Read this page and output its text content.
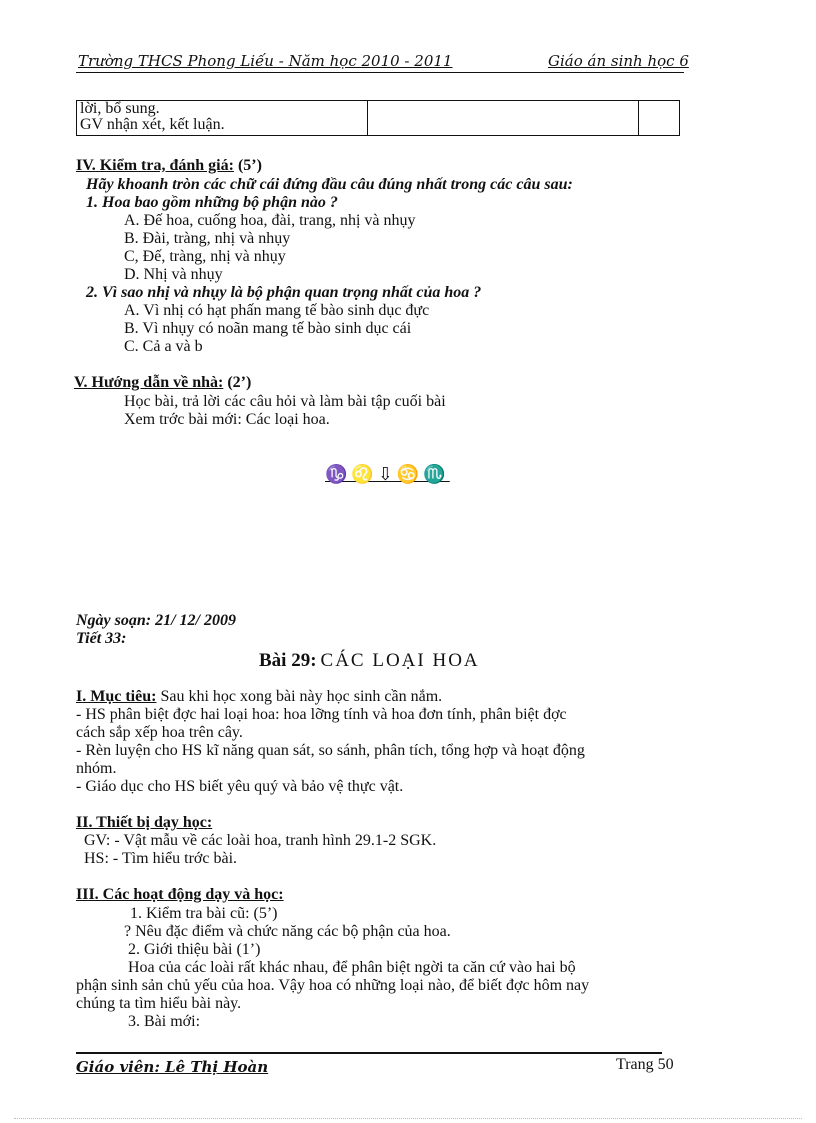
Trường THCS Phong Liếu - Năm học 2010 - 2011	Giáo án sinh học 6
lời, bổ sung.
GV nhận xét, kết luận.

IV. Kiểm tra, đánh giá: (5’)
Hãy khoanh tròn các chữ cái đứng đầu câu đúng nhất trong các câu sau:
1. Hoa bao gồm những bộ phận nào ?
A. Đế hoa, cuống hoa, đài, trang, nhị và nhụy
B. Đài, tràng, nhị và nhụy
C, Đế, tràng, nhị và nhụy
D. Nhị và nhụy
2. Vì sao nhị và nhụy là bộ phận quan trọng nhất của hoa ?
A. Vì nhị có hạt phấn mang tế bào sinh dục đực
B. Vì nhụy có noãn mang tế bào sinh dục cái
C. Cả a và b
V. Hướng dẫn về nhà: (2’)
Học bài, trả lời các câu hỏi và làm bài tập cuối bài
Xem trớc bài mới: Các loại hoa.
♑♌⇩♋♏
Ngày soạn: 21/ 12/ 2009
Tiết 33:
Bài 29: CÁC LOẠI HOA
I. Mục tiêu: Sau khi học xong bài này học sinh cần nắm.
- HS phân biệt đợc hai loại hoa: hoa lỡng tính và hoa đơn tính, phân biệt đợc
cách sắp xếp hoa trên cây.
- Rèn luyện cho HS kĩ năng quan sát, so sánh, phân tích, tổng hợp và hoạt động
nhóm.
- Giáo dục cho HS biết yêu quý và bảo vệ thực vật.
II. Thiết bị dạy học:
GV: - Vật mẫu về các loài hoa, tranh hình 29.1-2 SGK.
HS: - Tìm hiểu trớc bài.
III. Các hoạt động dạy và học:
1. Kiểm tra bài cũ: (5’)
? Nêu đặc điểm và chức năng các bộ phận của hoa.
2. Giới thiệu bài (1’)
Hoa của các loài rất khác nhau, để phân biệt ngời ta căn cứ vào hai bộ
phận sinh sản chủ yếu của hoa. Vậy hoa có những loại nào, để biết đợc hôm nay
chúng ta tìm hiểu bài này.
3. Bài mới:
Giáo viên: Lê Thị Hoàn	Trang 50
